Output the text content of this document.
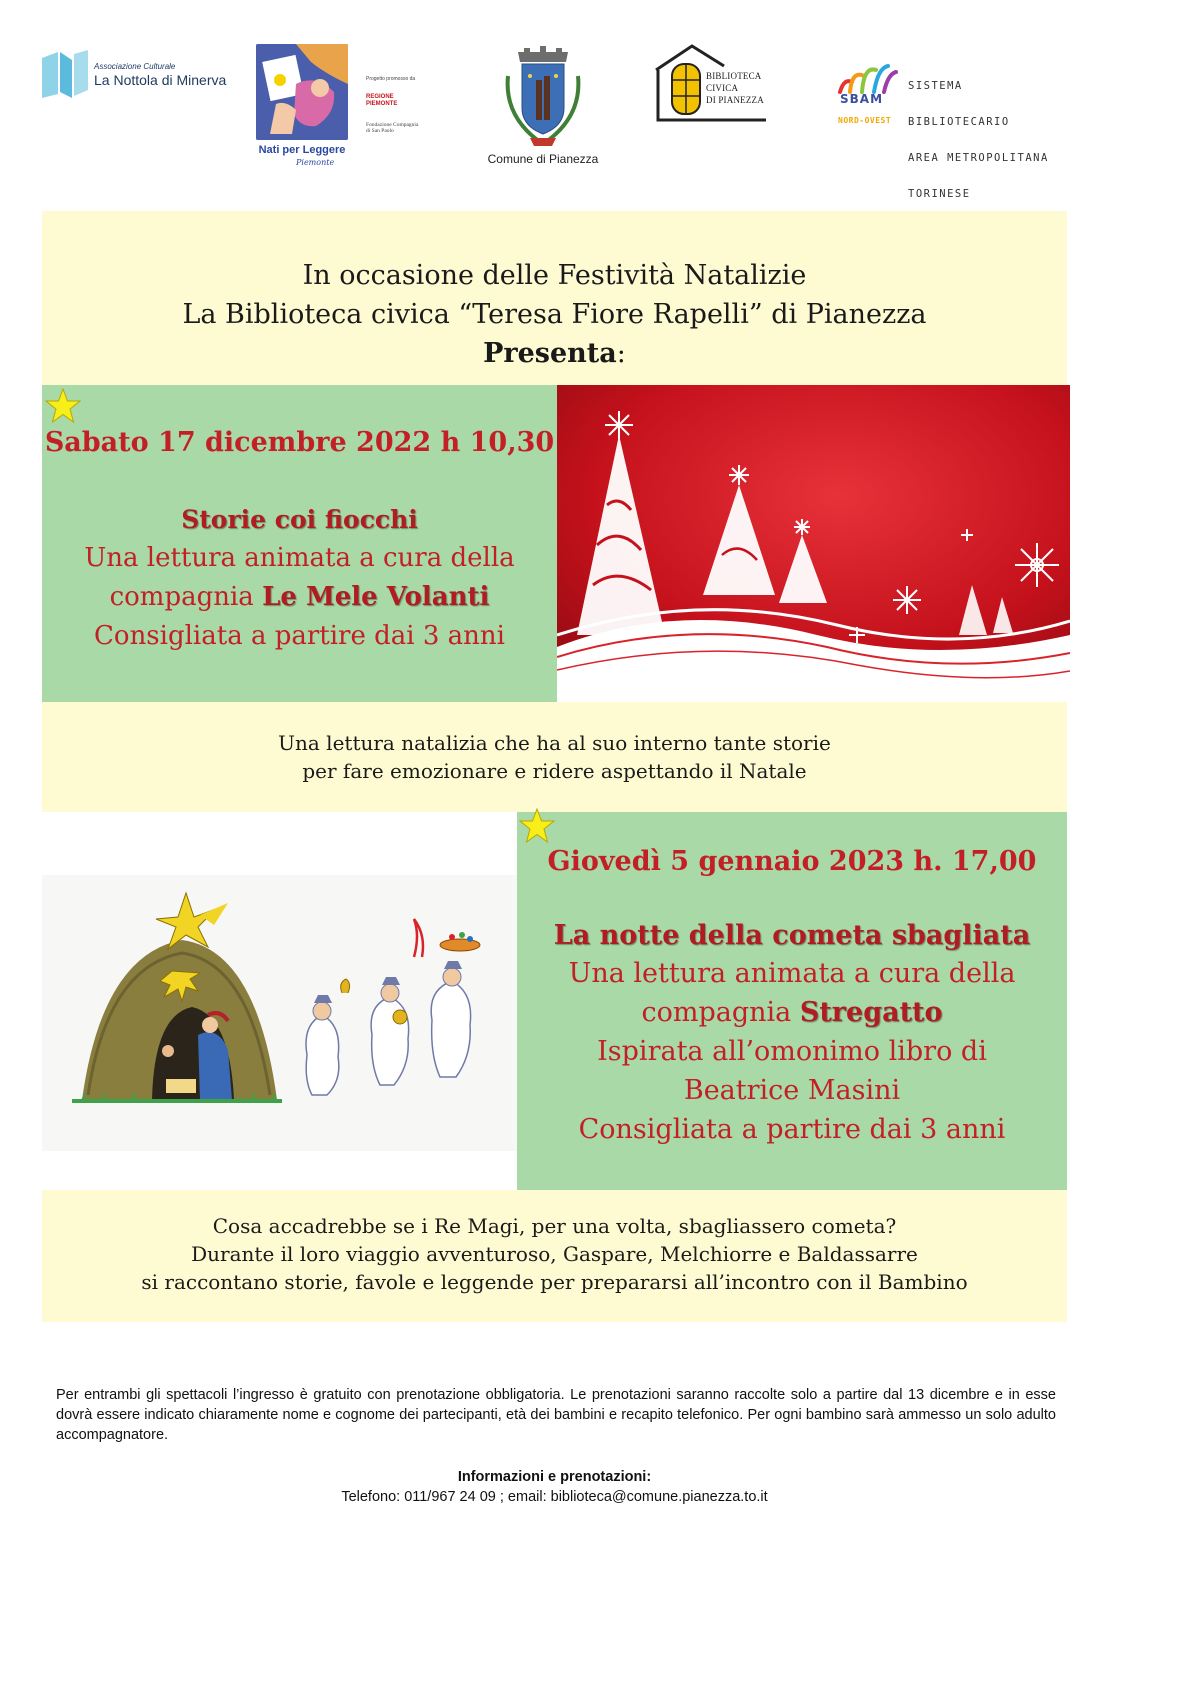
Associazione Culturale
La Nottola di Minerva
Nati per Leggere
Piemonte
Progetto promosso da
REGIONE PIEMONTE
Fondazione Compagnia di San Paolo
Comune di Pianezza
BIBLIOTECA
CIVICA
DI PIANEZZA	SBAM
NORD-OVEST

SISTEMA

BIBLIOTECARIO

AREA METROPOLITANA

TORINESE

In occasione delle Festività Natalizie
La Biblioteca civica “Teresa Fiore Rapelli” di Pianezza
Presenta:
Sabato 17 dicembre 2022 h 10,30
Storie coi fiocchi
Una lettura animata a cura della
compagnia Le Mele Volanti
Consigliata a partire dai 3 anni
Una lettura natalizia che ha al suo interno tante storie
per fare emozionare e ridere aspettando il Natale
Giovedì 5 gennaio 2023 h. 17,00
La notte della cometa sbagliata
Una lettura animata a cura della
compagnia Stregatto
Ispirata all’omonimo libro di
Beatrice Masini
Consigliata a partire dai 3 anni
Cosa accadrebbe se i Re Magi, per una volta, sbagliassero cometa?
Durante il loro viaggio avventuroso, Gaspare, Melchiorre e Baldassarre
si raccontano storie, favole e leggende per prepararsi all’incontro con il Bambino
Per entrambi gli spettacoli l’ingresso è gratuito con prenotazione obbligatoria. Le prenotazioni saranno raccolte solo a partire dal 13 dicembre e in esse dovrà essere indicato chiaramente nome e cognome dei partecipanti, età dei bambini e recapito telefonico. Per ogni bambino sarà ammesso un solo adulto accompagnatore.
Informazioni e prenotazioni:
Telefono: 011/967 24 09 ; email: biblioteca@comune.pianezza.to.it
